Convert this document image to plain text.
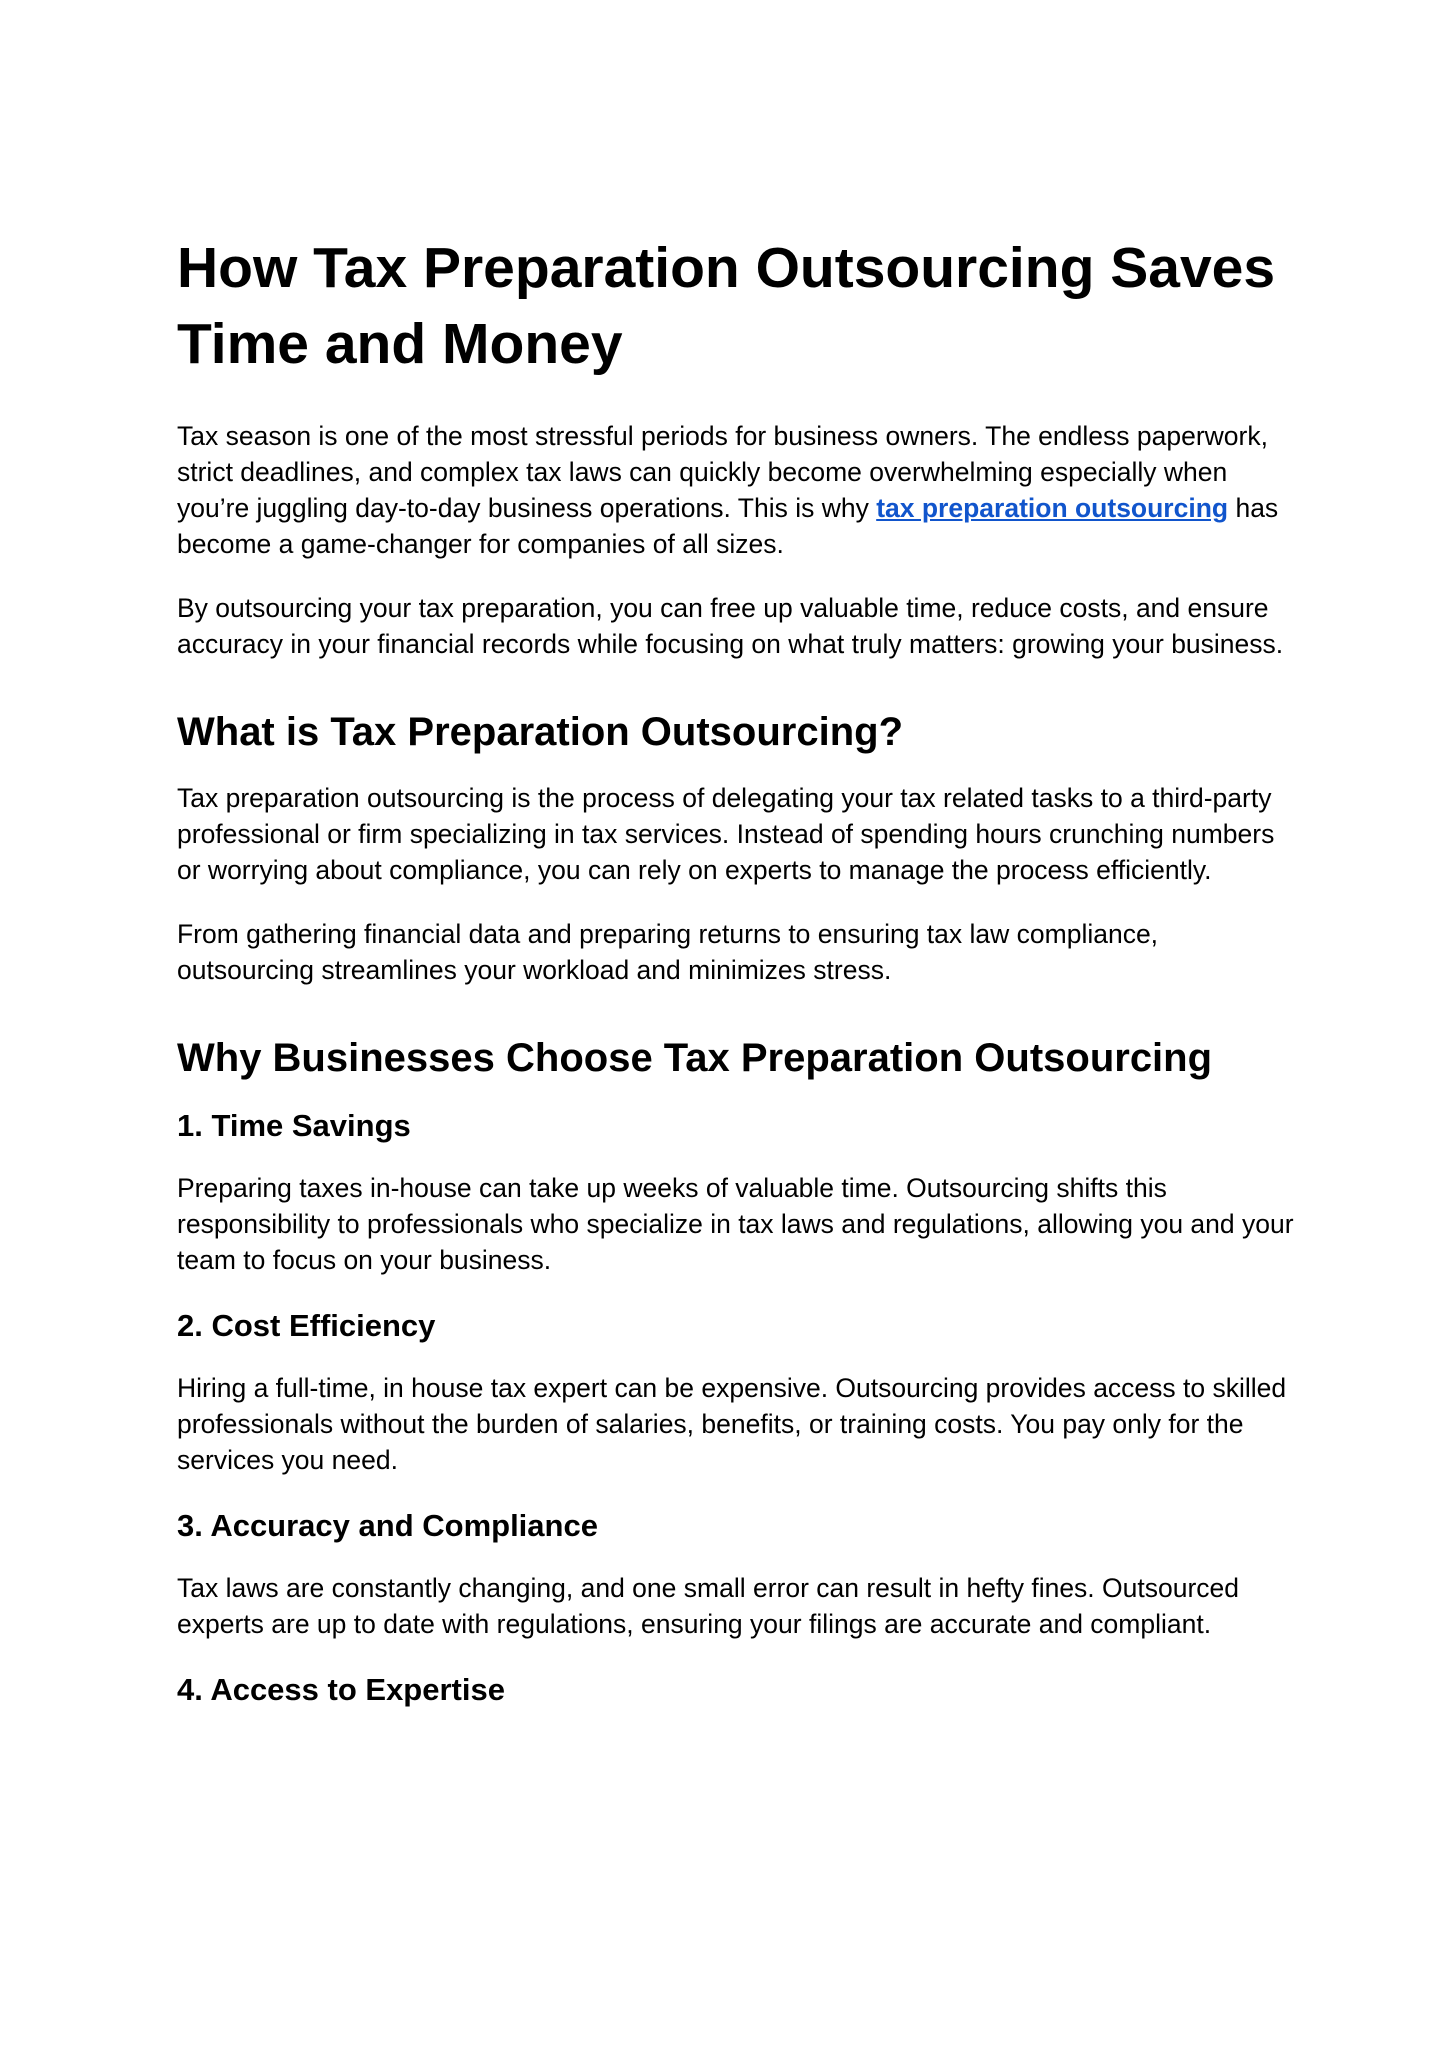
How Tax Preparation Outsourcing Saves Time and Money

Tax season is one of the most stressful periods for business owners. The endless paperwork, strict deadlines, and complex tax laws can quickly become overwhelming especially when you’re juggling day-to-day business operations. This is why tax preparation outsourcing has become a game-changer for companies of all sizes.

By outsourcing your tax preparation, you can free up valuable time, reduce costs, and ensure accuracy in your financial records while focusing on what truly matters: growing your business.

What is Tax Preparation Outsourcing?

Tax preparation outsourcing is the process of delegating your tax related tasks to a third-party professional or firm specializing in tax services. Instead of spending hours crunching numbers or worrying about compliance, you can rely on experts to manage the process efficiently.

From gathering financial data and preparing returns to ensuring tax law compliance, outsourcing streamlines your workload and minimizes stress.

Why Businesses Choose Tax Preparation Outsourcing
1. Time Savings

Preparing taxes in-house can take up weeks of valuable time. Outsourcing shifts this responsibility to professionals who specialize in tax laws and regulations, allowing you and your team to focus on your business.

2. Cost Efficiency

Hiring a full-time, in house tax expert can be expensive. Outsourcing provides access to skilled professionals without the burden of salaries, benefits, or training costs. You pay only for the services you need.

3. Accuracy and Compliance

Tax laws are constantly changing, and one small error can result in hefty fines. Outsourced experts are up to date with regulations, ensuring your filings are accurate and compliant.

4. Access to Expertise
